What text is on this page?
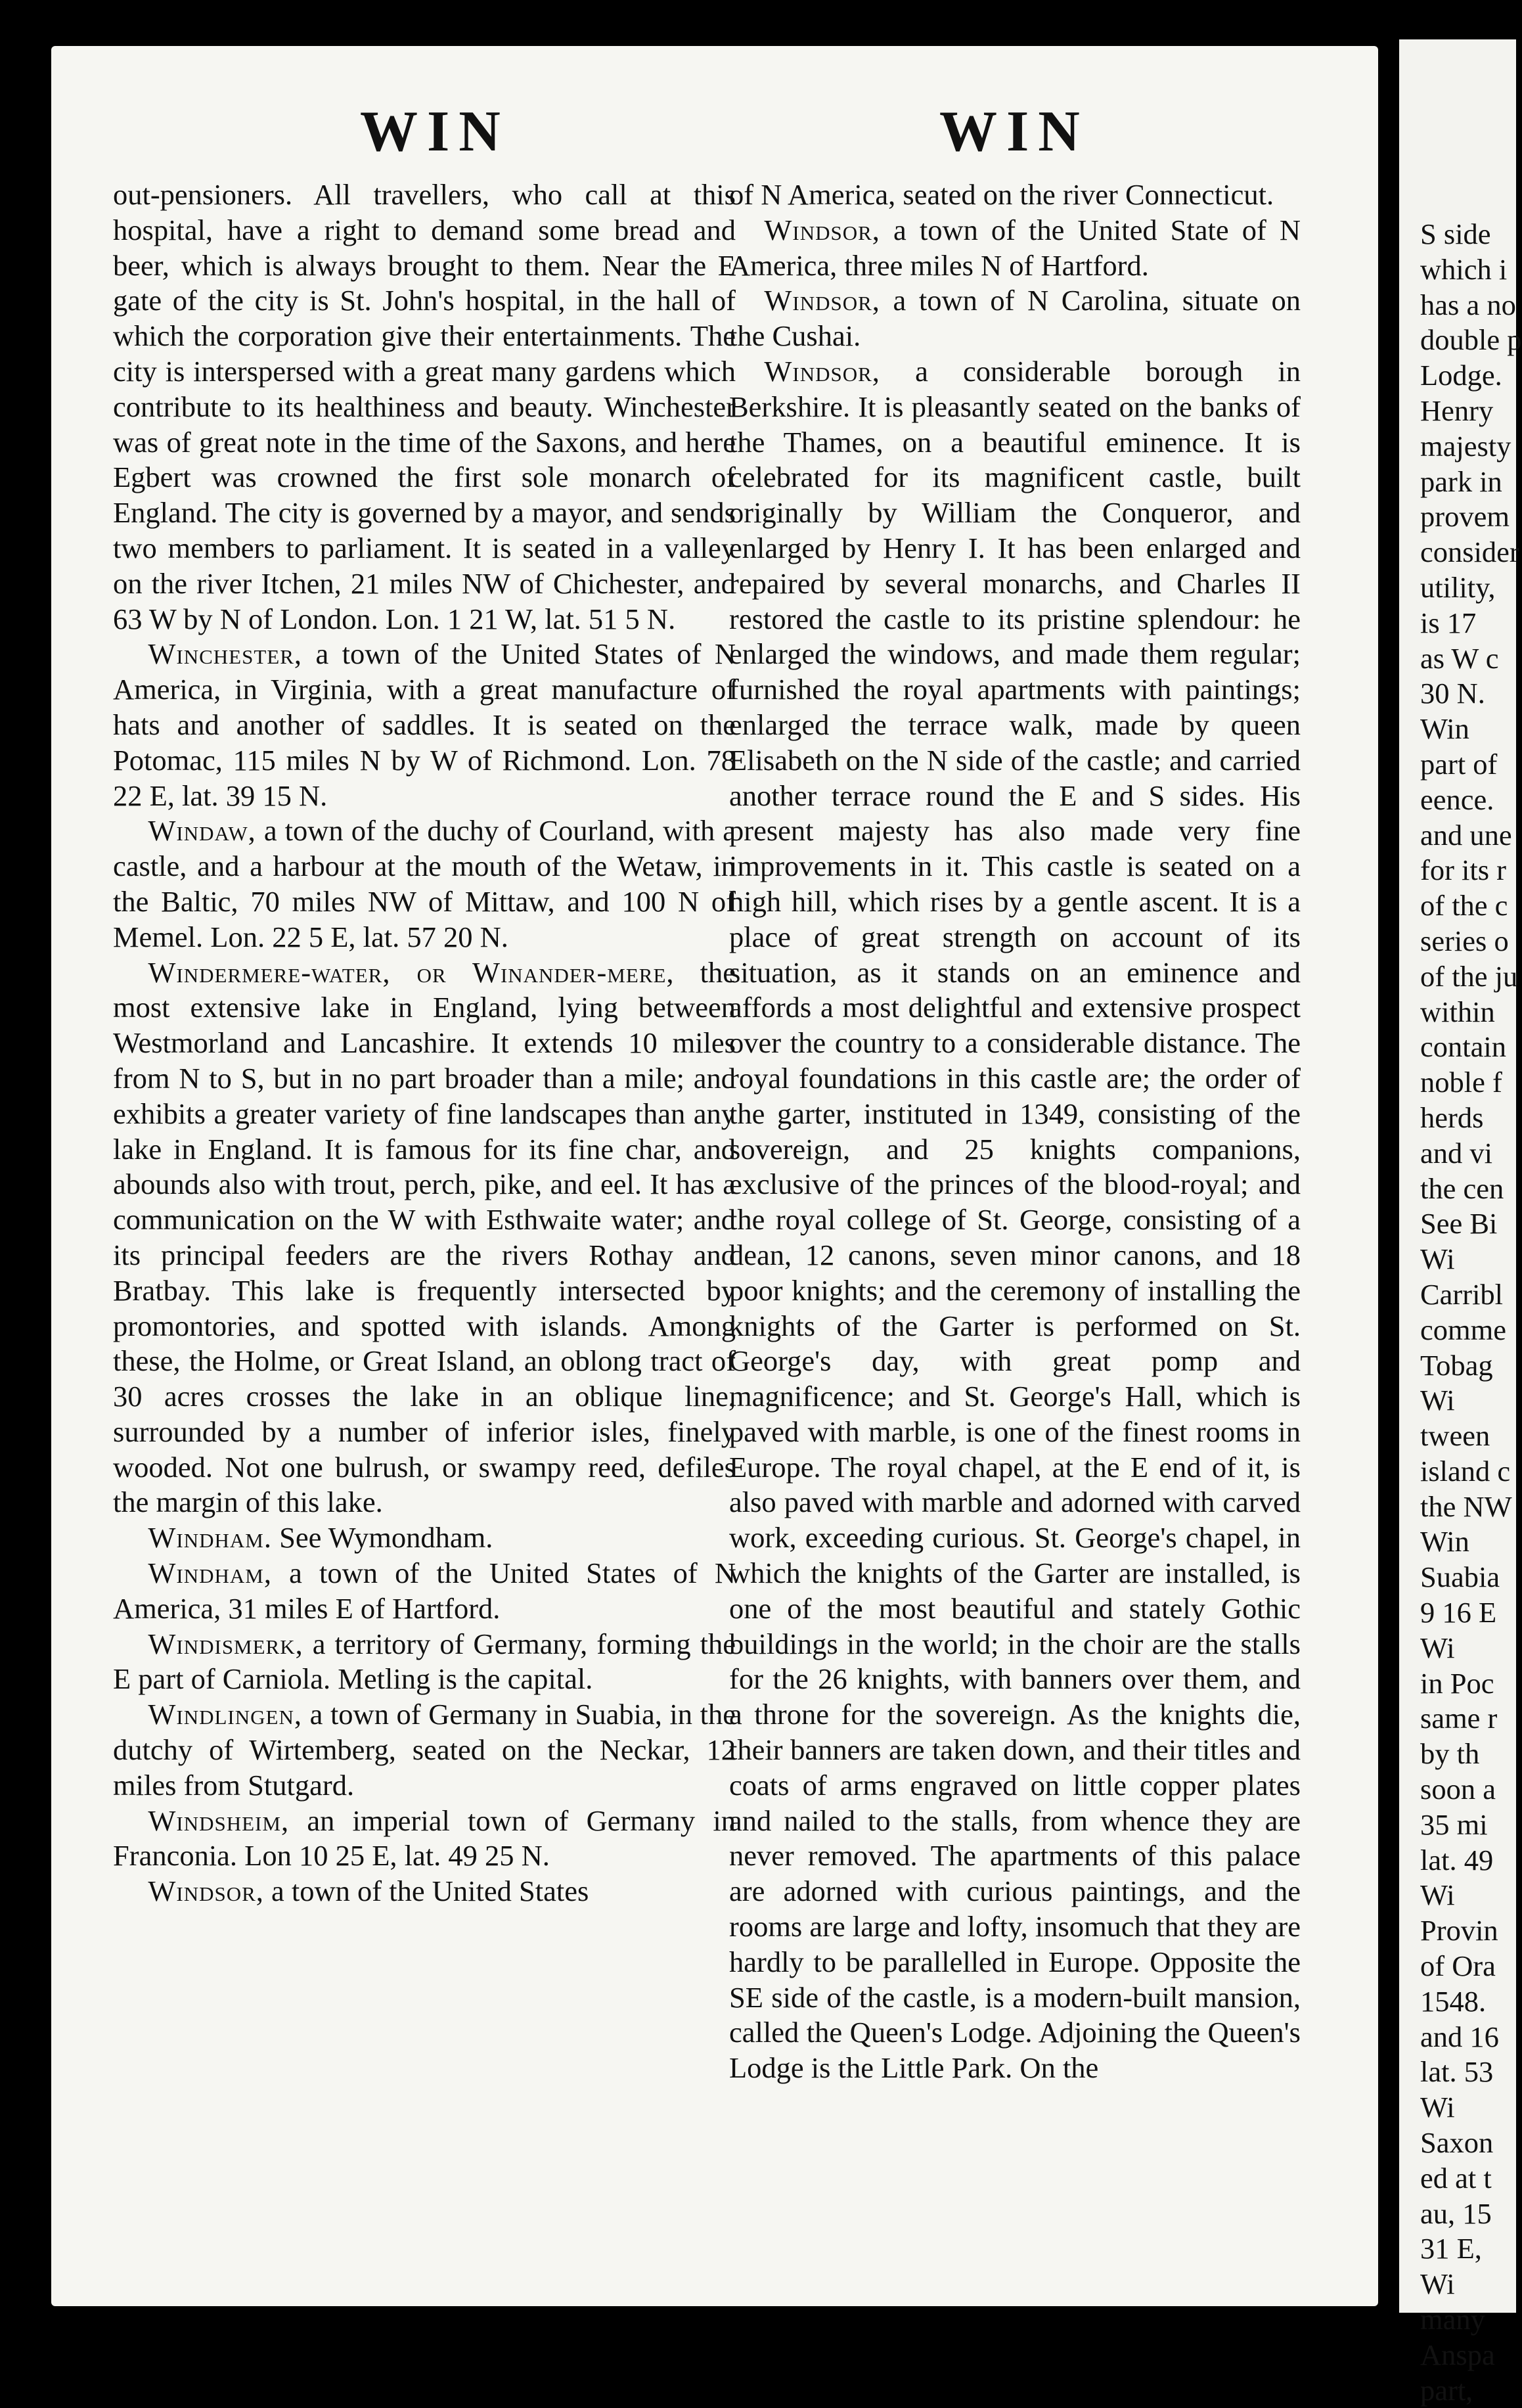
WIN	WIN

out-pensioners. All travellers, who call at this hospital, have a right to demand some bread and beer, which is always brought to them. Near the E gate of the city is St. John's hospital, in the hall of which the corporation give their entertainments. The city is interspersed with a great many gardens which contribute to its healthiness and beauty. Winchester was of great note in the time of the Saxons, and here Egbert was crowned the first sole monarch of England. The city is governed by a mayor, and sends two members to parliament. It is seated in a valley on the river Itchen, 21 miles NW of Chichester, and 63 W by N of London. Lon. 1 21 W, lat. 51 5 N.

Winchester, a town of the United States of N America, in Virginia, with a great manufacture of hats and another of saddles. It is seated on the Potomac, 115 miles N by W of Richmond. Lon. 78 22 E, lat. 39 15 N.

Windaw, a town of the duchy of Courland, with a castle, and a harbour at the mouth of the Wetaw, in the Baltic, 70 miles NW of Mittaw, and 100 N of Memel. Lon. 22 5 E, lat. 57 20 N.

Windermere-water, or Winander-mere, the most extensive lake in England, lying between Westmorland and Lancashire. It extends 10 miles from N to S, but in no part broader than a mile; and exhibits a greater variety of fine landscapes than any lake in England. It is famous for its fine char, and abounds also with trout, perch, pike, and eel. It has a communication on the W with Esthwaite water; and its principal feeders are the rivers Rothay and Bratbay. This lake is frequently intersected by promontories, and spotted with islands. Among these, the Holme, or Great Island, an oblong tract of 30 acres crosses the lake in an oblique line, surrounded by a number of inferior isles, finely wooded. Not one bulrush, or swampy reed, defiles the margin of this lake.

Windham. See Wymondham.

Windham, a town of the United States of N America, 31 miles E of Hartford.

Windismerk, a territory of Germany, forming the E part of Carniola. Metling is the capital.

Windlingen, a town of Germany in Suabia, in the dutchy of Wirtemberg, seated on the Neckar, 12 miles from Stutgard.

Windsheim, an imperial town of Germany in Franconia. Lon 10 25 E, lat. 49 25 N.

Windsor, a town of the United States

of N America, seated on the river Connecticut.

Windsor, a town of the United State of N America, three miles N of Hartford.

Windsor, a town of N Carolina, situate on the Cushai.

Windsor, a considerable borough in Berkshire. It is pleasantly seated on the banks of the Thames, on a beautiful eminence. It is celebrated for its magnificent castle, built originally by William the Conqueror, and enlarged by Henry I. It has been enlarged and repaired by several monarchs, and Charles II restored the castle to its pristine splendour: he enlarged the windows, and made them regular; furnished the royal apartments with paintings; enlarged the terrace walk, made by queen Elisabeth on the N side of the castle; and carried another terrace round the E and S sides. His present majesty has also made very fine improvements in it. This castle is seated on a high hill, which rises by a gentle ascent. It is a place of great strength on account of its situation, as it stands on an eminence and affords a most delightful and extensive prospect over the country to a considerable distance. The royal foundations in this castle are; the order of the garter, instituted in 1349, consisting of the sovereign, and 25 knights companions, exclusive of the princes of the blood-royal; and the royal college of St. George, consisting of a dean, 12 canons, seven minor canons, and 18 poor knights; and the ceremony of installing the knights of the Garter is performed on St. George's day, with great pomp and magnificence; and St. George's Hall, which is paved with marble, is one of the finest rooms in Europe. The royal chapel, at the E end of it, is also paved with marble and adorned with carved work, exceeding curious. St. George's chapel, in which the knights of the Garter are installed, is one of the most beautiful and stately Gothic buildings in the world; in the choir are the stalls for the 26 knights, with banners over them, and a throne for the sovereign. As the knights die, their banners are taken down, and their titles and coats of arms engraved on little copper plates and nailed to the stalls, from whence they are never removed. The apartments of this palace are adorned with curious paintings, and the rooms are large and lofty, insomuch that they are hardly to be parallelled in Europe. Opposite the SE side of the castle, is a modern-built mansion, called the Queen's Lodge. Adjoining the Queen's Lodge is the Little Park. On the

S side
which i
has a no
double p
Lodge.
Henry
majesty
park in
provem
consider
utility,
is 17
as W c
30 N.
Win
part of
eence.
and une
for its r
of the c
series o
of the ju
within
contain
noble f
herds
and vi
the cen
See Bi
Wi
Carribl
comme
Tobag
Wi
tween
island c
the NW
Win
Suabia
9 16 E
Wi
in Poc
same r
by th
soon a
35 mi
lat. 49
Wi
Provin
of Ora
1548.
and 16
lat. 53
Wi
Saxon
ed at t
au, 15
31 E,
Wi
many
Anspa
part,
